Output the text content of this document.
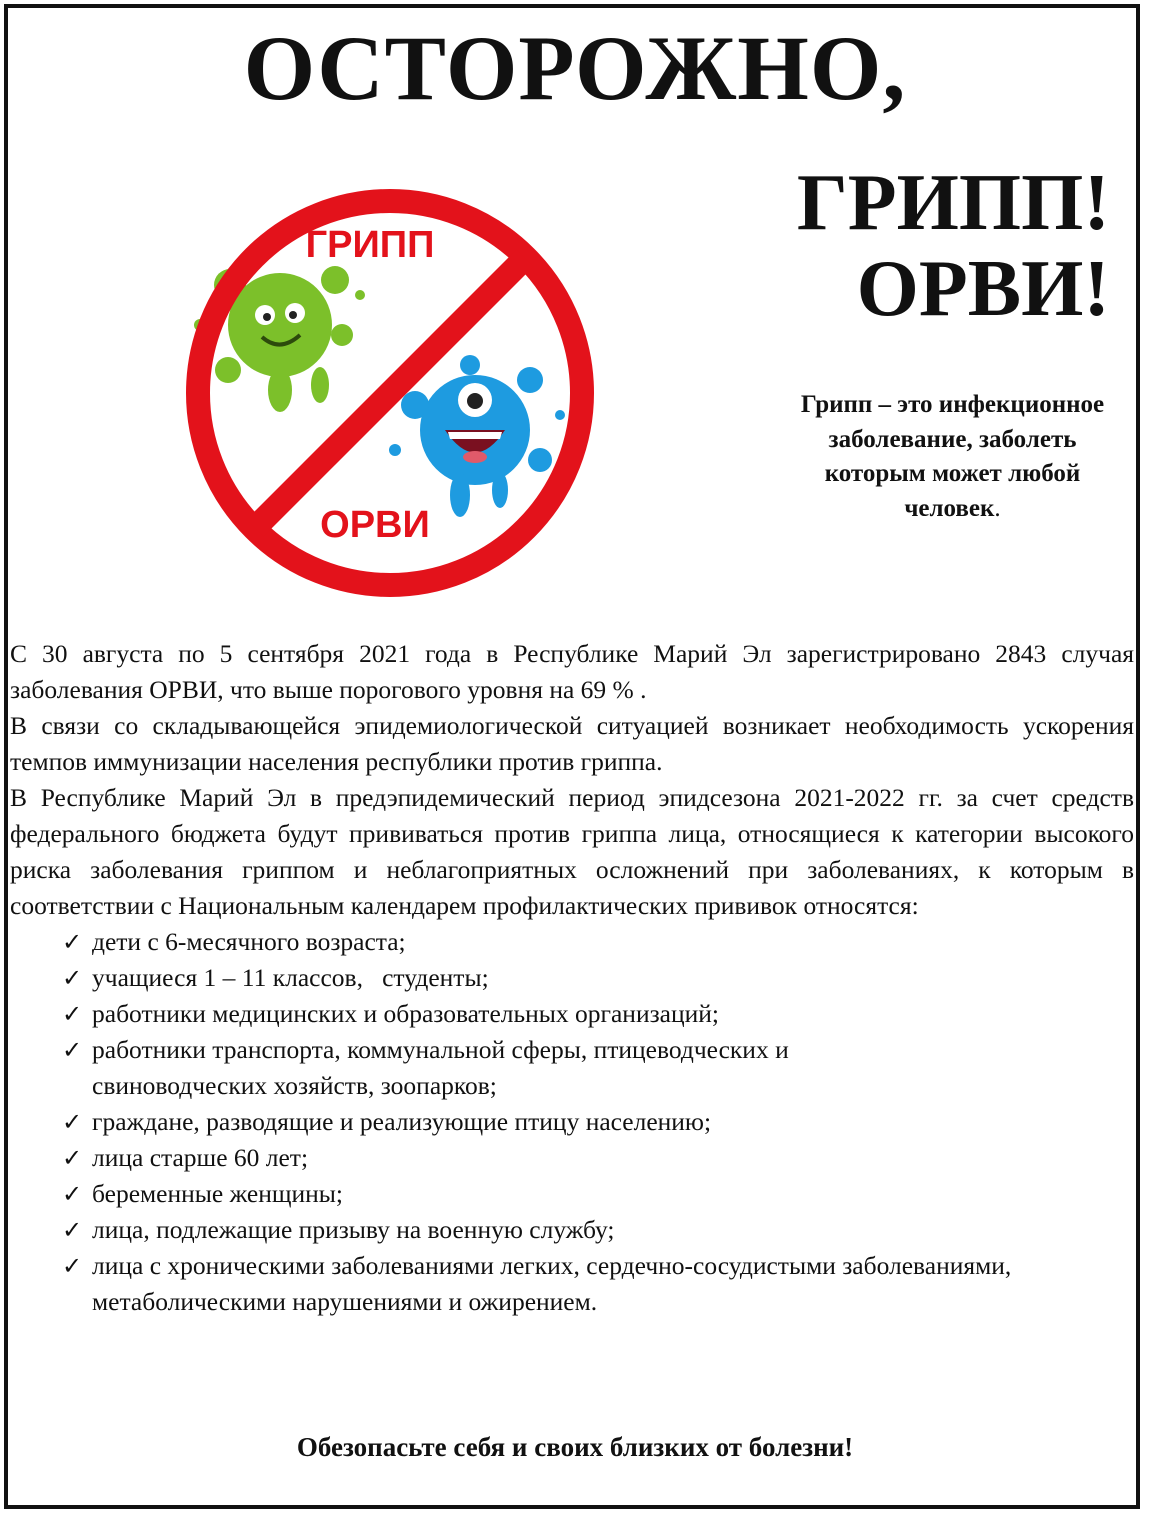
ОСТОРОЖНО,
ГРИПП!
ОРВИ!
ГРИПП
ОРВИ

Грипп – это инфекционное заболевание, заболеть которым может любой человек.

С 30 августа по 5 сентября 2021 года в Республике Марий Эл зарегистрировано 2843 случая заболевания ОРВИ, что выше порогового уровня на 69 % .

В связи со складывающейся эпидемиологической ситуацией возникает необходимость ускорения темпов иммунизации населения республики против гриппа.

В Республике Марий Эл в предэпидемический период эпидсезона 2021-2022 гг. за счет средств федерального бюджета будут прививаться против гриппа лица, относящиеся к категории высокого риска заболевания гриппом и неблагоприятных осложнений при заболеваниях, к которым в соответствии с Национальным календарем профилактических прививок относятся:

✓ дети с 6-месячного возраста;
✓ учащиеся 1 – 11 классов,   студенты;
✓ работники медицинских и образовательных организаций;
✓ работники транспорта, коммунальной сферы, птицеводческих и свиноводческих хозяйств, зоопарков;
✓ граждане, разводящие и реализующие птицу населению;
✓ лица старше 60 лет;
✓ беременные женщины;
✓ лица, подлежащие призыву на военную службу;
✓ лица с хроническими заболеваниями легких, сердечно-сосудистыми заболеваниями, метаболическими нарушениями и ожирением.

Обезопасьте себя и своих близких от болезни!
